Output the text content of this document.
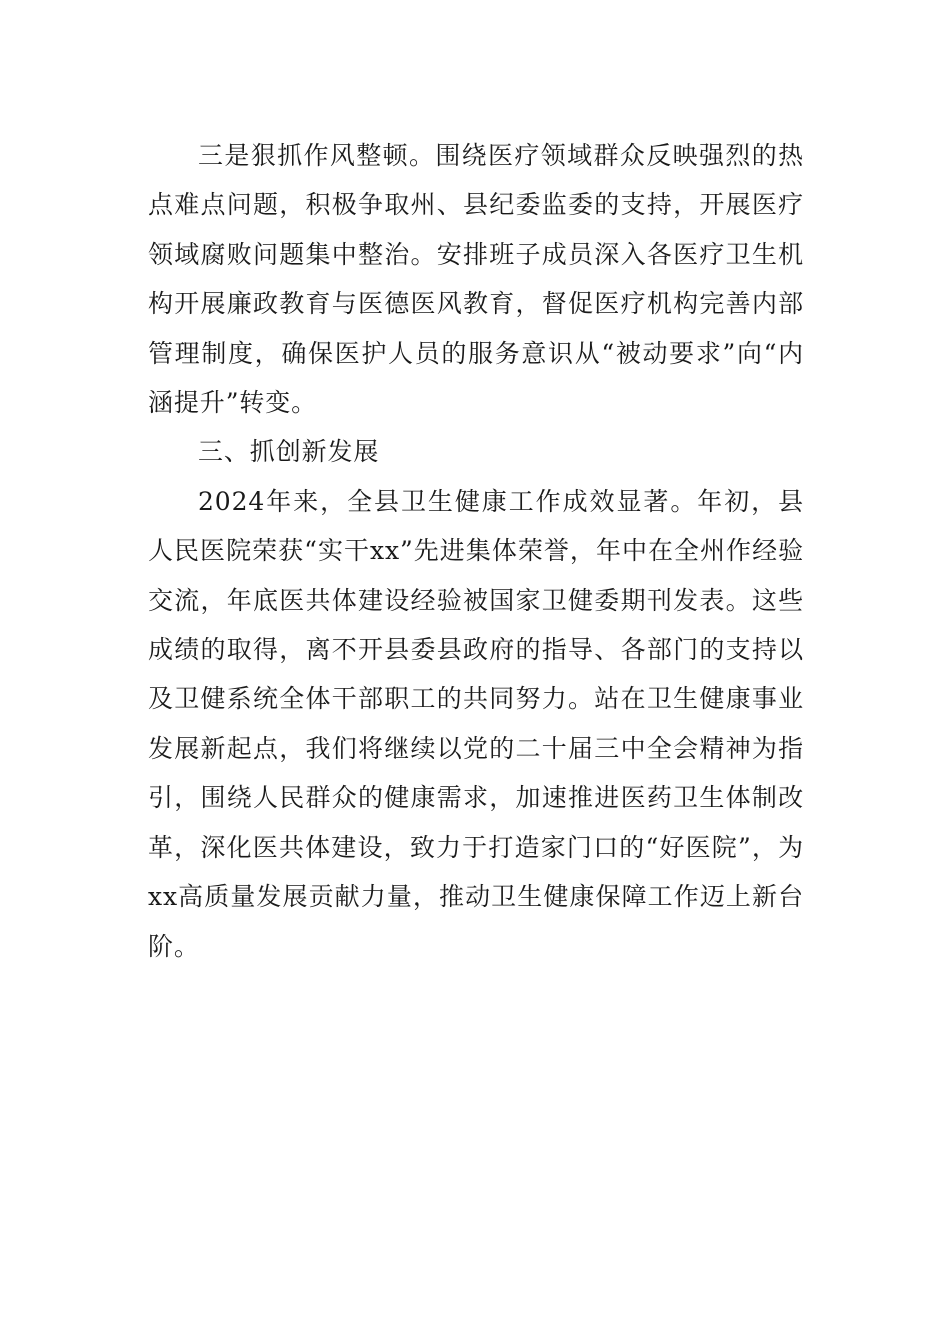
三是狠抓作风整顿。围绕医疗领域群众反映强烈的热点难点问题，积极争取州、县纪委监委的支持，开展医疗领域腐败问题集中整治。安排班子成员深入各医疗卫生机构开展廉政教育与医德医风教育，督促医疗机构完善内部管理制度，确保医护人员的服务意识从“被动要求”向“内涵提升”转变。

三、抓创新发展

2024年来，全县卫生健康工作成效显著。年初，县人民医院荣获“实干xx”先进集体荣誉，年中在全州作经验交流，年底医共体建设经验被国家卫健委期刊发表。这些成绩的取得，离不开县委县政府的指导、各部门的支持以及卫健系统全体干部职工的共同努力。站在卫生健康事业发展新起点，我们将继续以党的二十届三中全会精神为指引，围绕人民群众的健康需求，加速推进医药卫生体制改革，深化医共体建设，致力于打造家门口的“好医院”，为xx高质量发展贡献力量，推动卫生健康保障工作迈上新台阶。
